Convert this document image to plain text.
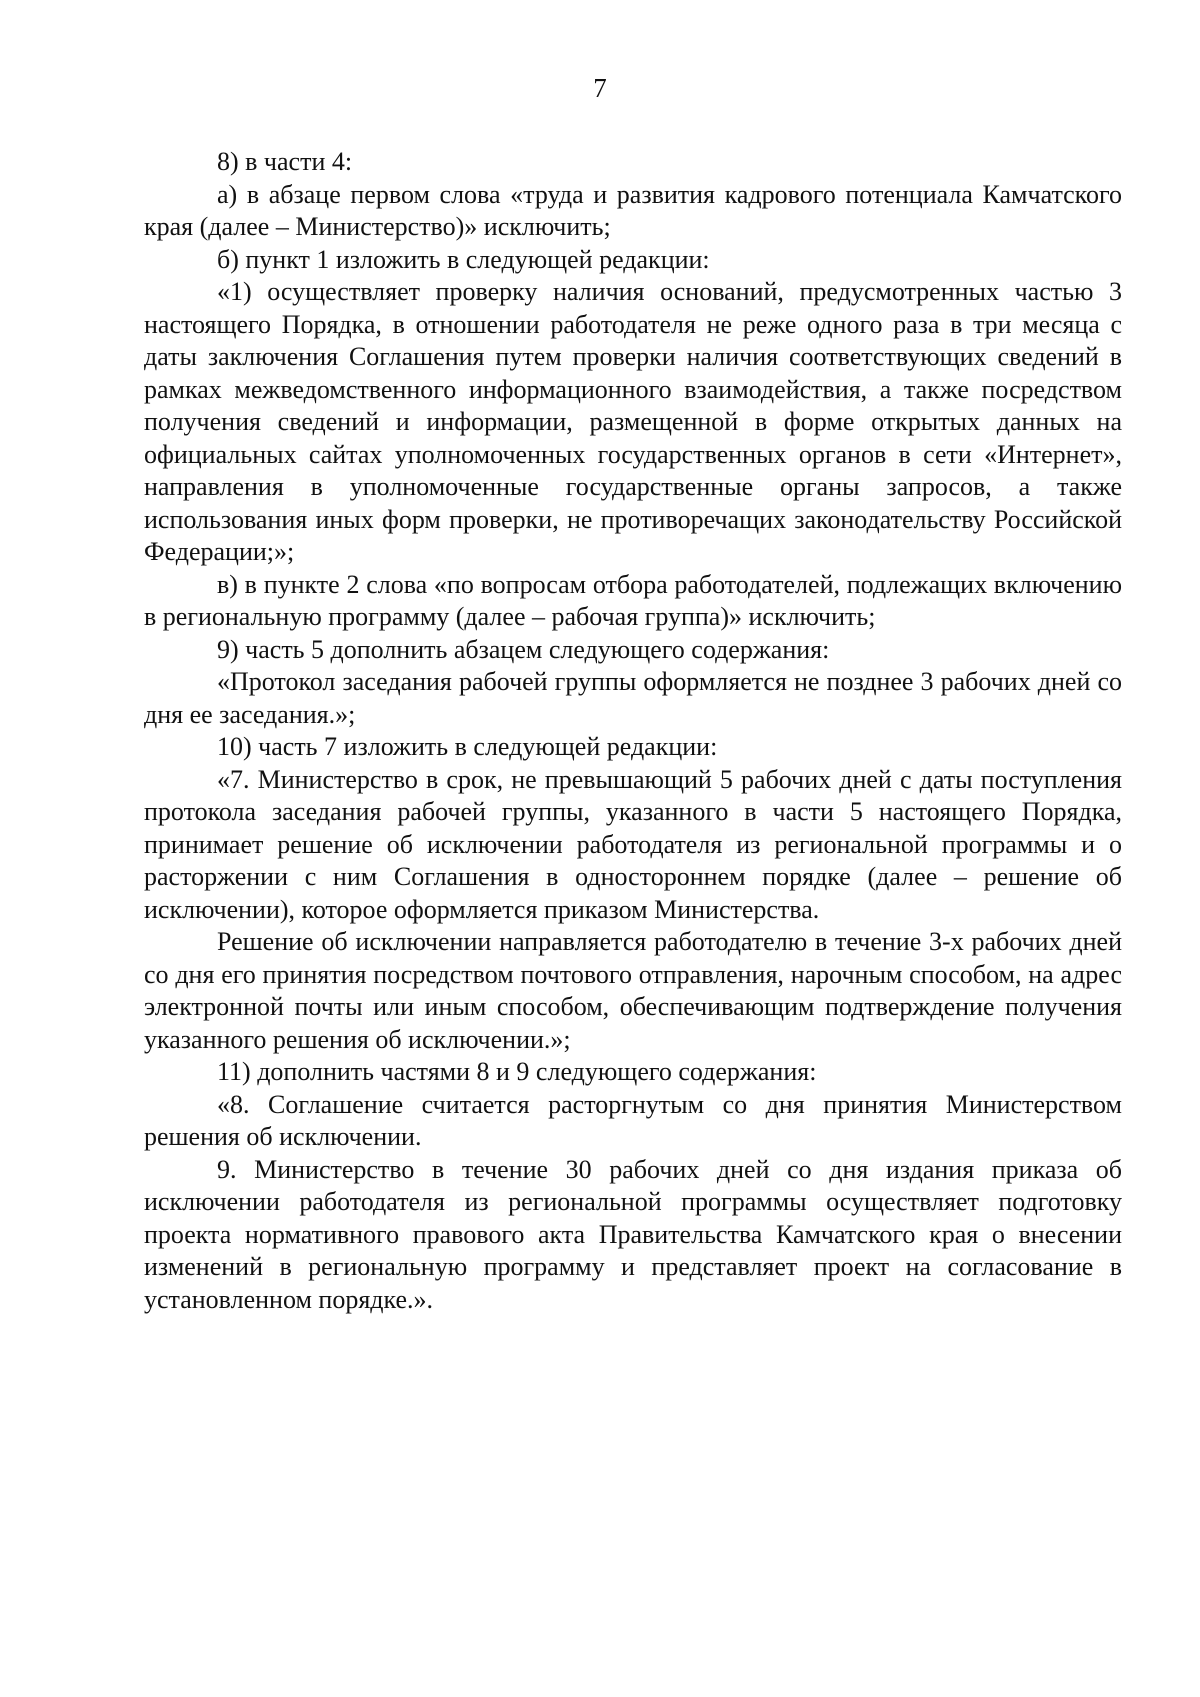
7

8) в части 4:

а) в абзаце первом слова «труда и развития кадрового потенциала Камчатского края (далее – Министерство)» исключить;

б) пункт 1 изложить в следующей редакции:

«1) осуществляет проверку наличия оснований, предусмотренных частью 3 настоящего Порядка, в отношении работодателя не реже одного раза в три месяца с даты заключения Соглашения путем проверки наличия соответствующих сведений в рамках межведомственного информационного взаимодействия, а также посредством получения сведений и информации, размещенной в форме открытых данных на официальных сайтах уполномоченных государственных органов в сети «Интернет», направления в уполномоченные государственные органы запросов, а также использования иных форм проверки, не противоречащих законодательству Российской Федерации;»;

в) в пункте 2 слова «по вопросам отбора работодателей, подлежащих включению в региональную программу (далее – рабочая группа)» исключить;

9) часть 5 дополнить абзацем следующего содержания:

«Протокол заседания рабочей группы оформляется не позднее 3 рабочих дней со дня ее заседания.»;

10) часть 7 изложить в следующей редакции:

«7. Министерство в срок, не превышающий 5 рабочих дней с даты поступления протокола заседания рабочей группы, указанного в части 5 настоящего Порядка, принимает решение об исключении работодателя из региональной программы и о расторжении с ним Соглашения в одностороннем порядке (далее – решение об исключении), которое оформляется приказом Министерства.

Решение об исключении направляется работодателю в течение 3-х рабочих дней со дня его принятия посредством почтового отправления, нарочным способом, на адрес электронной почты или иным способом, обеспечивающим подтверждение получения указанного решения об исключении.»;

11) дополнить частями 8 и 9 следующего содержания:

«8. Соглашение считается расторгнутым со дня принятия Министерством решения об исключении.

9. Министерство в течение 30 рабочих дней со дня издания приказа об исключении работодателя из региональной программы осуществляет подготовку проекта нормативного правового акта Правительства Камчатского края о внесении изменений в региональную программу и представляет проект на согласование в установленном порядке.».
